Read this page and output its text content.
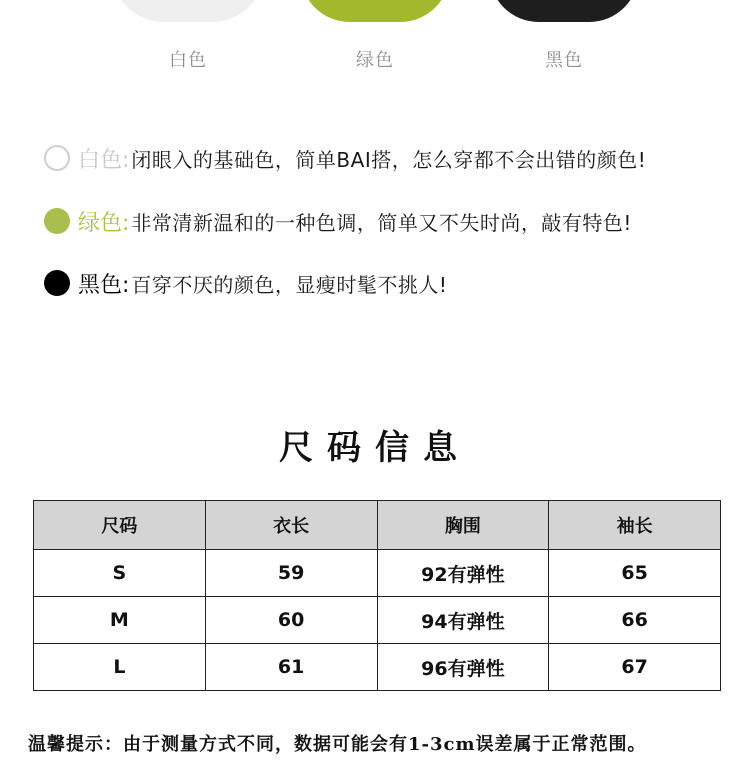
白色	绿色	黑色
白色: 闭眼入的基础色，简单BAI搭，怎么穿都不会出错的颜色!
绿色: 非常清新温和的一种色调，简单又不失时尚，敲有特色!
黑色: 百穿不厌的颜色，显瘦时髦不挑人!
尺码信息
尺码	衣长	胸围	袖长
S	59	92有弹性	65
M	60	94有弹性	66
L	61	96有弹性	67
温馨提示：由于测量方式不同，数据可能会有1-3cm误差属于正常范围。
